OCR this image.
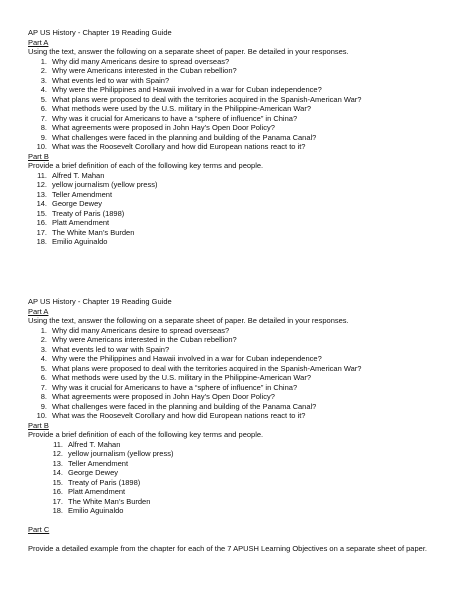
AP US History - Chapter 19 Reading Guide
Part A
Using the text, answer the following on a separate sheet of paper. Be detailed in your responses.
1. Why did many Americans desire to spread overseas?
2. Why were Americans interested in the Cuban rebellion?
3. What events led to war with Spain?
4. Why were the Philippines and Hawaii involved in a war for Cuban independence?
5. What plans were proposed to deal with the territories acquired in the Spanish-American War?
6. What methods were used by the U.S. military in the Philippine-American War?
7. Why was it crucial for Americans to have a “sphere of influence” in China?
8. What agreements were proposed in John Hay’s Open Door Policy?
9. What challenges were faced in the planning and building of the Panama Canal?
10. What was the Roosevelt Corollary and how did European nations react to it?
Part B
Provide a brief definition of each of the following key terms and people.
11. Alfred T. Mahan
12. yellow journalism (yellow press)
13. Teller Amendment
14. George Dewey
15. Treaty of Paris (1898)
16. Platt Amendment
17. The White Man’s Burden
18. Emilio Aguinaldo
AP US History - Chapter 19 Reading Guide
Part A
Using the text, answer the following on a separate sheet of paper. Be detailed in your responses.
1. Why did many Americans desire to spread overseas?
2. Why were Americans interested in the Cuban rebellion?
3. What events led to war with Spain?
4. Why were the Philippines and Hawaii involved in a war for Cuban independence?
5. What plans were proposed to deal with the territories acquired in the Spanish-American War?
6. What methods were used by the U.S. military in the Philippine-American War?
7. Why was it crucial for Americans to have a “sphere of influence” in China?
8. What agreements were proposed in John Hay’s Open Door Policy?
9. What challenges were faced in the planning and building of the Panama Canal?
10. What was the Roosevelt Corollary and how did European nations react to it?
Part B
Provide a brief definition of each of the following key terms and people.
11. Alfred T. Mahan
12. yellow journalism (yellow press)
13. Teller Amendment
14. George Dewey
15. Treaty of Paris (1898)
16. Platt Amendment
17. The White Man’s Burden
18. Emilio Aguinaldo
Part C
Provide a detailed example from the chapter for each of the 7 APUSH Learning Objectives on a separate sheet of paper.
